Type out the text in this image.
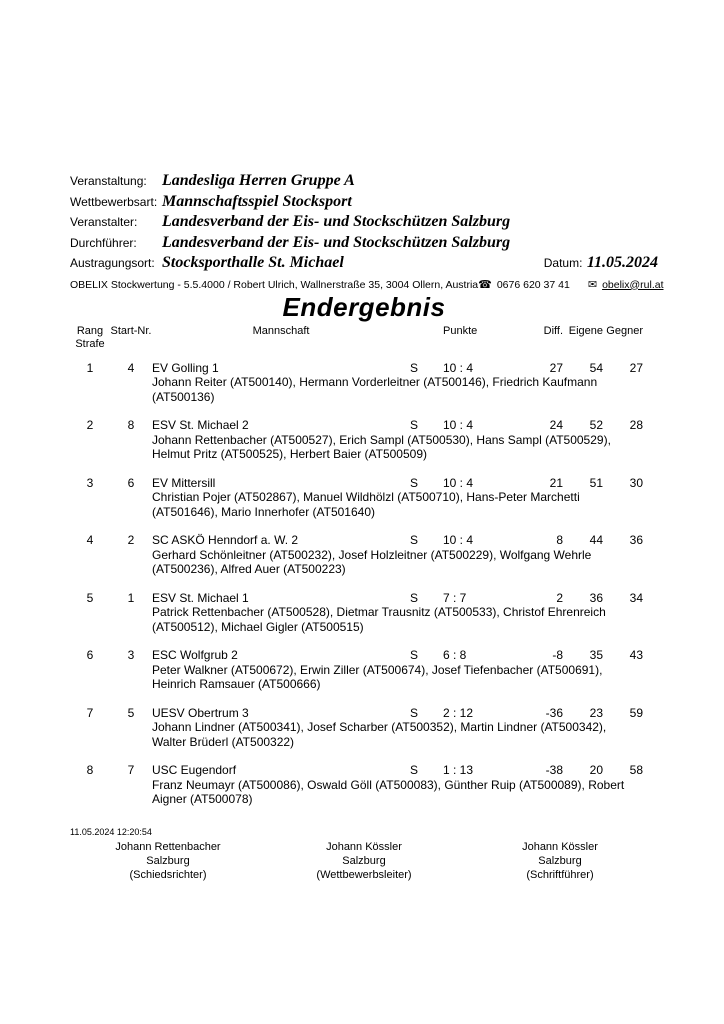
Veranstaltung: Landesliga Herren Gruppe A
Wettbewerbsart: Mannschaftsspiel Stocksport
Veranstalter:	Landesverband der Eis- und Stockschützen Salzburg
Durchführer:	Landesverband der Eis- und Stockschützen Salzburg
Austragungsort: Stocksporthalle St. Michael	Datum: 11.05.2024
OBELIX Stockwertung - 5.5.4000 / Robert Ulrich, Wallnerstraße 35, 3004 Ollern, Austria ☎ 0676 620 37 41 ✉ obelix@rul.at
Endergebnis
Rang
Strafe
Start-Nr.	Mannschaft	Punkte	Diff. Eigene Gegner
1	4	EV Golling 1	S	10 : 4	27	54	27
Johann Reiter (AT500140), Hermann Vorderleitner (AT500146), Friedrich Kaufmann (AT500136)
2	8	ESV St. Michael 2	S	10 : 4	24	52	28
Johann Rettenbacher (AT500527), Erich Sampl (AT500530), Hans Sampl (AT500529), Helmut Pritz (AT500525), Herbert Baier (AT500509)
3	6	EV Mittersill	S	10 : 4	21	51	30
Christian Pojer (AT502867), Manuel Wildhölzl (AT500710), Hans-Peter Marchetti (AT501646), Mario Innerhofer (AT501640)
4	2	SC ASKÖ Henndorf a. W. 2	S	10 : 4	8	44	36
Gerhard Schönleitner (AT500232), Josef Holzleitner (AT500229), Wolfgang Wehrle (AT500236), Alfred Auer (AT500223)
5	1	ESV St. Michael 1	S	7 : 7	2	36	34
Patrick Rettenbacher (AT500528), Dietmar Trausnitz (AT500533), Christof Ehrenreich (AT500512), Michael Gigler (AT500515)
6	3	ESC Wolfgrub 2	S	6 : 8	-8	35	43
Peter Walkner (AT500672), Erwin Ziller (AT500674), Josef Tiefenbacher (AT500691), Heinrich Ramsauer (AT500666)
7	5	UESV Obertrum 3	S	2 : 12	-36	23	59
Johann Lindner (AT500341), Josef Scharber (AT500352), Martin Lindner (AT500342), Walter Brüderl (AT500322)
8	7	USC Eugendorf	S	1 : 13	-38	20	58
Franz Neumayr (AT500086), Oswald Göll (AT500083), Günther Ruip (AT500089), Robert Aigner (AT500078)
11.05.2024 12:20:54
Johann Rettenbacher
Salzburg
(Schiedsrichter)
Johann Kössler
Salzburg
(Wettbewerbsleiter)
Johann Kössler
Salzburg
(Schriftführer)
